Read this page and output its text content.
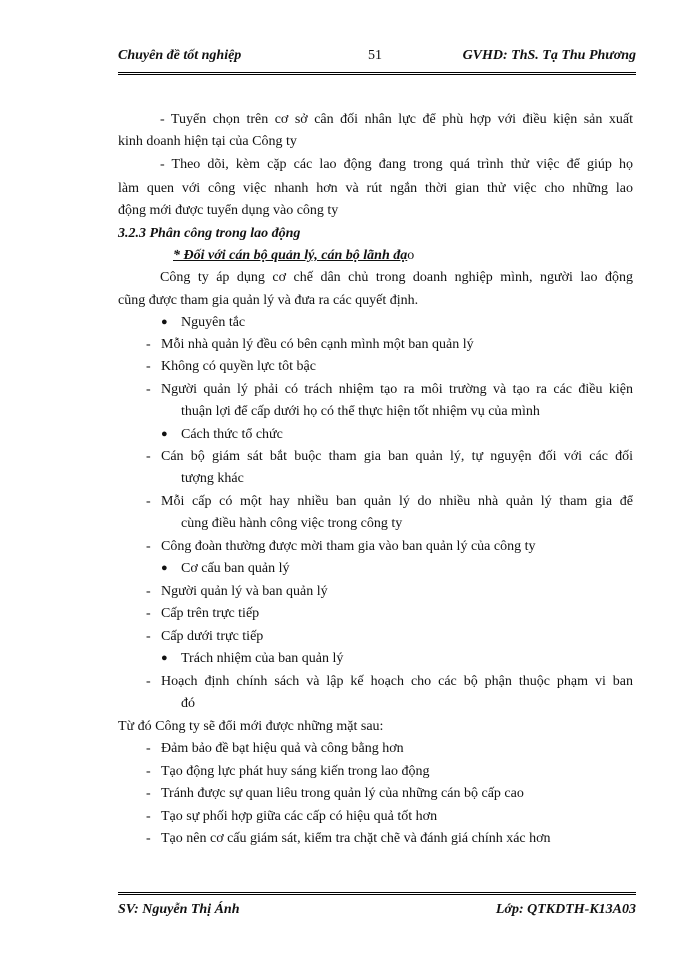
Chuyên đề tốt nghiệp	51	GVHD: ThS. Tạ Thu Phương
- Tuyển chọn trên cơ sở cân đối nhân lực để phù hợp với điều kiện sản xuất
kinh doanh hiện tại của Công ty
- Theo dõi, kèm cặp các lao động đang trong quá trình thử việc để giúp họ
làm quen với công việc nhanh hơn và rút ngắn thời gian thử việc cho những lao
động mới được tuyển dụng vào công ty
3.2.3 Phân công trong lao động
* Đối với cán bộ quản lý, cán bộ lãnh đạo
Công ty áp dụng cơ chế dân chủ trong doanh nghiệp mình, người lao động
cũng được tham gia quản lý và đưa ra các quyết định.
● Nguyên tắc
- Mỗi nhà quản lý đều có bên cạnh mình một ban quản lý
- Không có quyền lực tôt bậc
- Người quản lý phải có trách nhiệm tạo ra môi trường và tạo ra các điều kiện
thuận lợi để cấp dưới họ có thể thực hiện tốt nhiệm vụ của mình
● Cách thức tổ chức
- Cán bộ giám sát bắt buộc tham gia ban quản lý, tự nguyện đối với các đối
tượng khác
- Mỗi cấp có một hay nhiều ban quản lý do nhiều nhà quản lý tham gia để
cùng điều hành công việc trong công ty
- Công đoàn thường được mời tham gia vào ban quản lý của công ty
● Cơ cấu ban quản lý
- Người quản lý và ban quản lý
- Cấp trên trực tiếp
- Cấp dưới trực tiếp
● Trách nhiệm của ban quản lý
- Hoạch định chính sách và lập kế hoạch cho các bộ phận thuộc phạm vi ban
đó
Từ đó Công ty sẽ đổi mới được những mặt sau:
- Đảm bảo đề bạt hiệu quả và công bằng hơn
- Tạo động lực phát huy sáng kiến trong lao động
- Tránh được sự quan liêu trong quản lý của những cán bộ cấp cao
- Tạo sự phối hợp giữa các cấp có hiệu quả tốt hơn
- Tạo nên cơ cấu giám sát, kiểm tra chặt chẽ và đánh giá chính xác hơn
SV: Nguyễn Thị Ánh	Lớp: QTKDTH-K13A03
